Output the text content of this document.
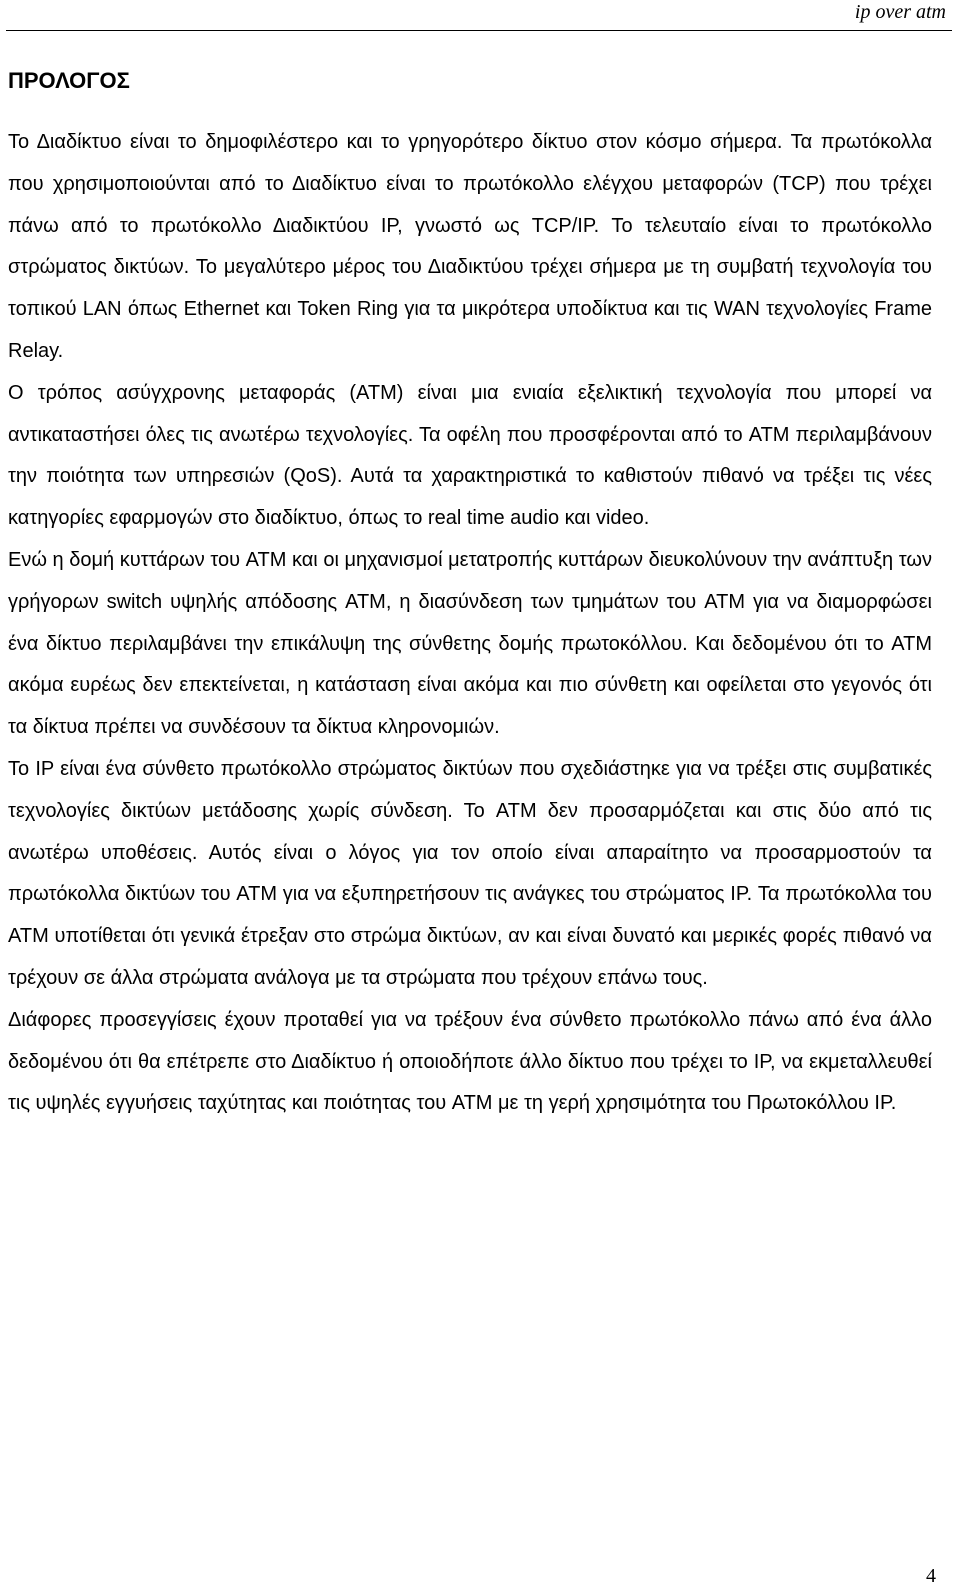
ip over atm
ΠΡΟΛΟΓΟΣ

Το Διαδίκτυο είναι το δημοφιλέστερο και το γρηγορότερο δίκτυο στον κόσμο σήμερα. Τα πρωτόκολλα που χρησιμοποιούνται από το Διαδίκτυο είναι το πρωτόκολλο ελέγχου μεταφορών (TCP) που τρέχει πάνω από το πρωτόκολλο Διαδικτύου IP, γνωστό ως TCP/IP. Το τελευταίο είναι το πρωτόκολλο στρώματος δικτύων. Το μεγαλύτερο μέρος του Διαδικτύου τρέχει σήμερα με τη συμβατή τεχνολογία του τοπικού LAN όπως Ethernet και Token Ring για τα μικρότερα υποδίκτυα και τις WAN τεχνολογίες Frame Relay.

Ο τρόπος ασύγχρονης μεταφοράς (ATM) είναι μια ενιαία εξελικτική τεχνολογία που μπορεί να αντικαταστήσει όλες τις ανωτέρω τεχνολογίες. Τα οφέλη που προσφέρονται από το ATM περιλαμβάνουν την ποιότητα των υπηρεσιών (QoS). Αυτά τα χαρακτηριστικά το καθιστούν πιθανό να τρέξει τις νέες κατηγορίες εφαρμογών στο διαδίκτυο, όπως το real time audio και video.

Ενώ η δομή κυττάρων του ATM και οι μηχανισμοί μετατροπής κυττάρων διευκολύνουν την ανάπτυξη των γρήγορων switch υψηλής απόδοσης ATM, η διασύνδεση των τμημάτων του ATM για να διαμορφώσει ένα δίκτυο περιλαμβάνει την επικάλυψη της σύνθετης δομής πρωτοκόλλου. Και δεδομένου ότι το ATM ακόμα ευρέως δεν επεκτείνεται, η κατάσταση είναι ακόμα και πιο σύνθετη και οφείλεται στο γεγονός ότι τα δίκτυα πρέπει να συνδέσουν τα δίκτυα κληρονομιών.

Το IP είναι ένα σύνθετο πρωτόκολλο στρώματος δικτύων που σχεδιάστηκε για να τρέξει στις συμβατικές τεχνολογίες δικτύων μετάδοσης χωρίς σύνδεση. Το ATM δεν προσαρμόζεται και στις δύο από τις ανωτέρω υποθέσεις. Αυτός είναι ο λόγος για τον οποίο είναι απαραίτητο να προσαρμοστούν τα πρωτόκολλα δικτύων του ATM για να εξυπηρετήσουν τις ανάγκες του στρώματος IP. Τα πρωτόκολλα του ATM υποτίθεται ότι γενικά έτρεξαν στο στρώμα δικτύων, αν και είναι δυνατό και μερικές φορές πιθανό να τρέχουν σε άλλα στρώματα ανάλογα με τα στρώματα που τρέχουν επάνω τους.

Διάφορες προσεγγίσεις έχουν προταθεί για να τρέξουν ένα σύνθετο πρωτόκολλο πάνω από ένα άλλο δεδομένου ότι θα επέτρεπε στο Διαδίκτυο ή οποιοδήποτε άλλο δίκτυο που τρέχει το IP, να εκμεταλλευθεί τις υψηλές εγγυήσεις ταχύτητας και ποιότητας του ATM με τη γερή χρησιμότητα του Πρωτοκόλλου IP.

4
